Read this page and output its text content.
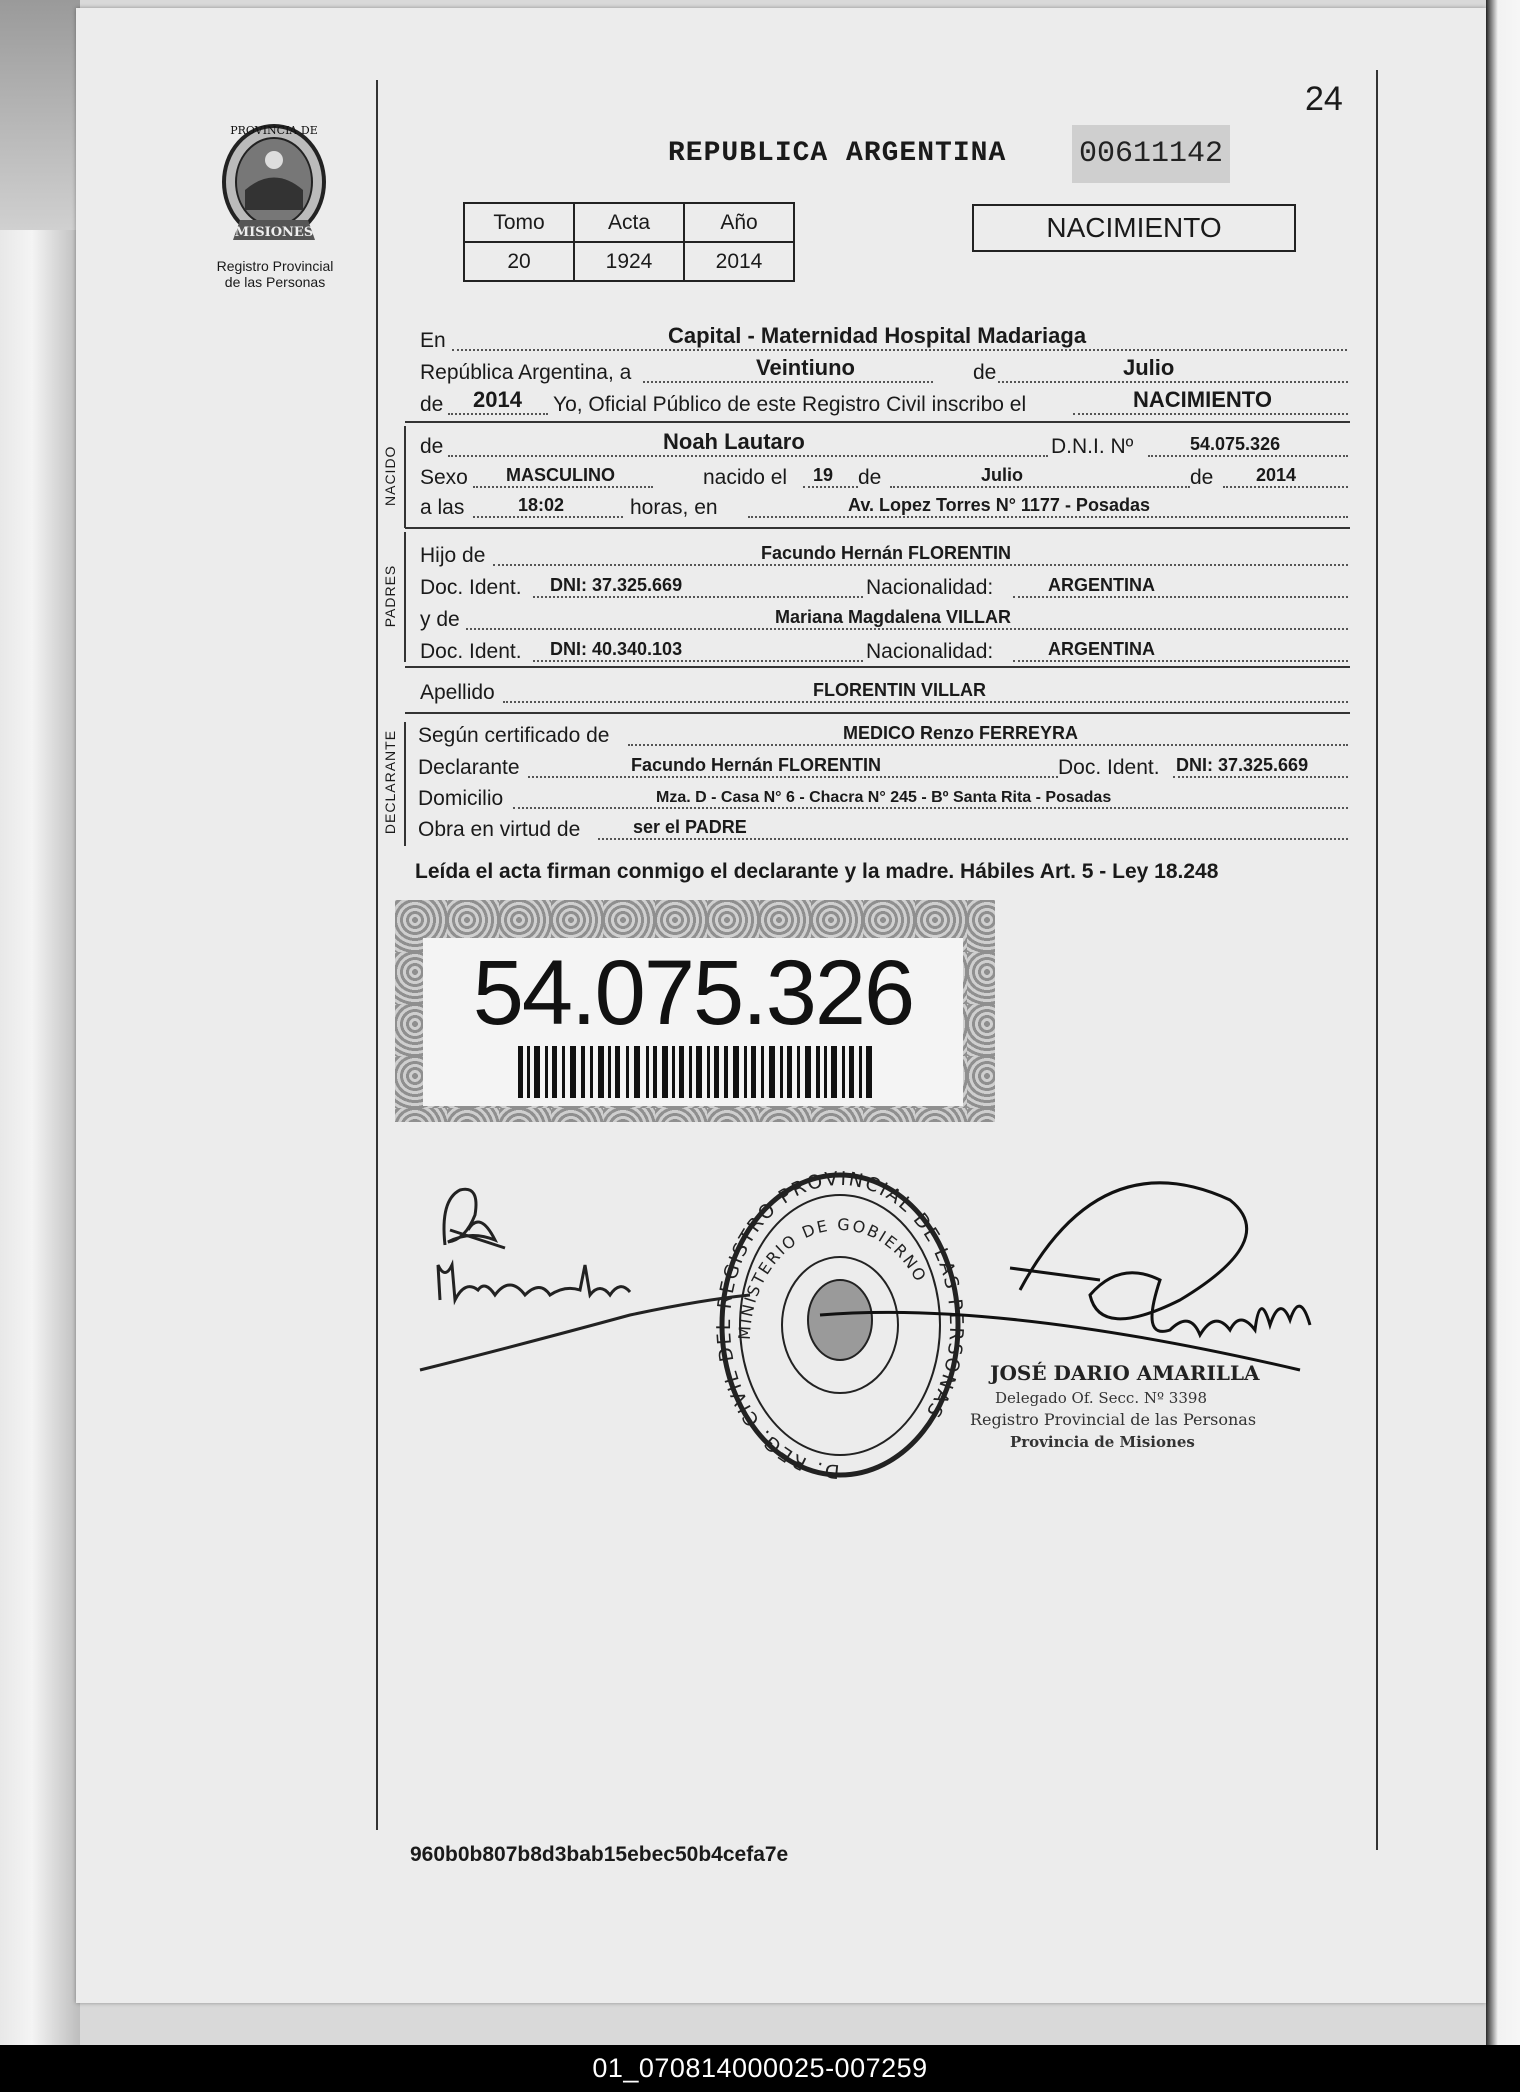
24
PROVINCIA DE
MISIONES
Registro Provincial
de las Personas
REPUBLICA ARGENTINA 00611142
Tomo	Acta	Año
20	1924	2014
NACIMIENTO
En	Capital - Maternidad Hospital Madariaga
República Argentina, a	Veintiuno	de	Julio
de 2014 Yo, Oficial Público de este Registro Civil inscribo el	NACIMIENTO
NACIDO de	Noah Lautaro	D.N.I. Nº	54.075.326
Sexo MASCULINO	nacido el 19 de	Julio	de 2014
a las	18:02	horas, en	Av. Lopez Torres N° 1177 - Posadas
PADRES
Hijo de	Facundo Hernán FLORENTIN
Doc. Ident. DNI: 37.325.669	Nacionalidad:	ARGENTINA
y de	Mariana Magdalena VILLAR
Doc. Ident. DNI: 40.340.103	Nacionalidad:	ARGENTINA
Apellido	FLORENTIN VILLAR
DECLARANTE Según certificado de	MEDICO Renzo FERREYRA
Declarante	Facundo Hernán FLORENTIN	Doc. Ident. DNI: 37.325.669
Domicilio	Mza. D - Casa N° 6 - Chacra N° 245 - Bº Santa Rita - Posadas
Obra en virtud de	ser el PADRE
Leída el acta firman conmigo el declarante y la madre. Hábiles Art. 5 - Ley 18.248
54.075.326
D. REG. CIVIL DEL REGISTRO PROVINCIAL DE LAS PERSONAS
MINISTERIO DE GOBIERNO
JOSÉ DARIO AMARILLA
Delegado Of. Secc. Nº 3398
Registro Provincial de las Personas
Provincia de Misiones
960b0b807b8d3bab15ebec50b4cefa7e
01_070814000025-007259
